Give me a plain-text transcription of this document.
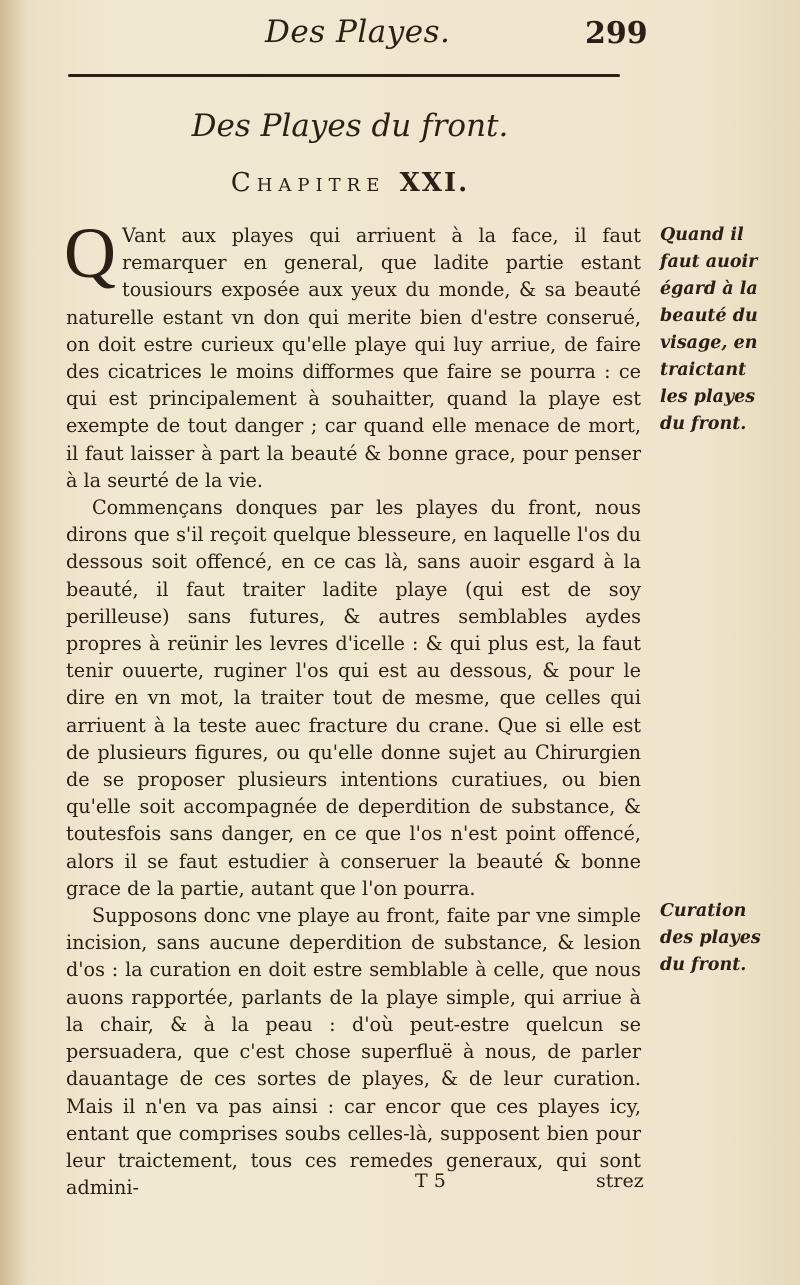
Des Playes.	299
Des Playes du front.
Chapitre XXI.

Q Vant aux playes qui arriuent à la face, il faut remarquer en general, que ladite partie estant tousiours exposée aux yeux du monde, & sa beauté naturelle estant vn don qui merite bien d'estre conserué, on doit estre curieux qu'elle playe qui luy arriue, de faire des cicatrices le moins difformes que faire se pourra : ce qui est principalement à souhaitter, quand la playe est exempte de tout danger ; car quand elle menace de mort, il faut laisser à part la beauté & bonne grace, pour penser à la seurté de la vie.

Commençans donques par les playes du front, nous dirons que s'il reçoit quelque blesseure, en laquelle l'os du dessous soit offencé, en ce cas là, sans auoir esgard à la beauté, il faut traiter ladite playe (qui est de soy perilleuse) sans futures, & autres semblables aydes propres à reünir les levres d'icelle : & qui plus est, la faut tenir ouuerte, ruginer l'os qui est au dessous, & pour le dire en vn mot, la traiter tout de mesme, que celles qui arriuent à la teste auec fracture du crane. Que si elle est de plusieurs figures, ou qu'elle donne sujet au Chirurgien de se proposer plusieurs intentions curatiues, ou bien qu'elle soit accompagnée de deperdition de substance, & toutesfois sans danger, en ce que l'os n'est point offencé, alors il se faut estudier à conseruer la beauté & bonne grace de la partie, autant que l'on pourra.

Supposons donc vne playe au front, faite par vne simple incision, sans aucune deperdition de substance, & lesion d'os : la curation en doit estre semblable à celle, que nous auons rapportée, parlants de la playe simple, qui arriue à la chair, & à la peau : d'où peut-estre quelcun se persuadera, que c'est chose superfluë à nous, de parler dauantage de ces sortes de playes, & de leur curation. Mais il n'en va pas ainsi : car encor que ces playes icy, entant que comprises soubs celles-là, supposent bien pour leur traictement, tous ces remedes generaux, qui sont admini-

Quand il faut auoir égard à la beauté du visage, en traictant les playes du front.
Curation des playes du front.
T 5	strez
